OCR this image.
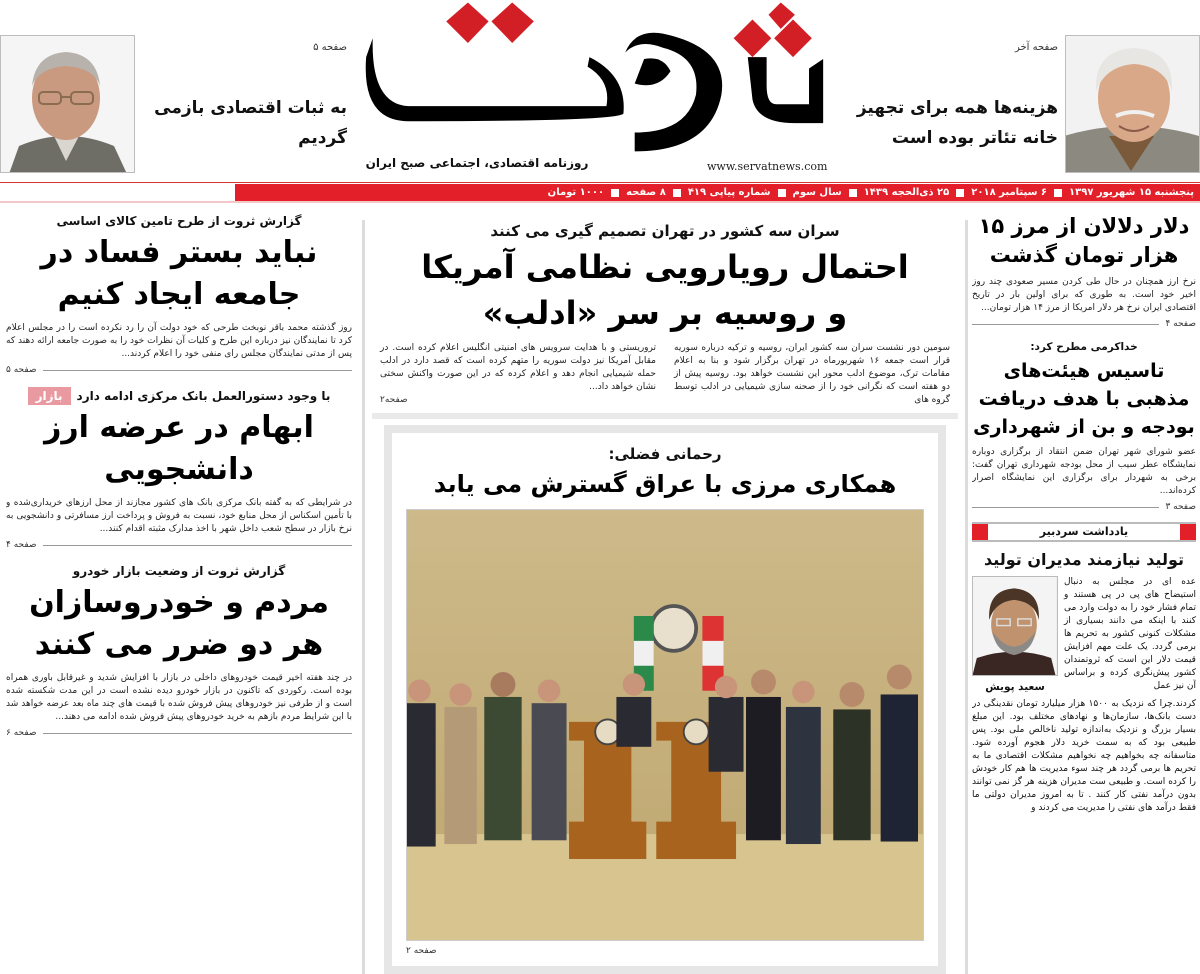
صفحه ۵
به ثبات اقتصادی بازمی گردیم
روزنامه اقتصادی، اجتماعی صبح ایران	www.servatnews.com
صفحه آخر
هزینه‌ها همه برای تجهیز خانه تئاتر بوده است
پنجشنبه ۱۵ شهریور ۱۳۹۷
۶ سپتامبر ۲۰۱۸
۲۵ ذی‌الحجه ۱۴۳۹
سال سوم
شماره پیاپی ۴۱۹
۸ صفحه
۱۰۰۰ تومان
دلار دلالان از مرز ۱۵ هزار تومان گذشت
نرخ ارز همچنان در حال طی کردن مسیر صعودی چند روز اخیر خود است. به طوری که برای اولین بار در تاریخ اقتصادی ایران نرخ هر دلار امریکا از مرز ۱۴ هزار تومان...
صفحه ۴
خداکرمی مطرح کرد:
تاسیس هیئت‌های مذهبی با هدف دریافت بودجه و بن از شهرداری
عضو شورای شهر تهران ضمن انتقاد از برگزاری دوباره نمایشگاه عطر سیب از محل بودجه شهرداری تهران گفت: برخی به شهردار برای برگزاری این نمایشگاه اصرار کرده‌اند...
صفحه ۳
یادداشت سردبیر
تولید نیازمند مدیران تولید
عده ای در مجلس به دنبال استیضاح های پی در پی هستند و تمام فشار خود را به دولت وارد می کنند با اینکه می دانند بسیاری از مشکلات کنونی کشور به تحریم ها برمی گردد. یک علت مهم افزایش قیمت دلار این است که ثروتمندان کشور پیش‌نگری کرده و براساس آن نیز عمل
سعید پویش
کردند.چرا که نزدیک به ۱۵۰۰ هزار میلیارد تومان نقدینگی در دست بانک‌ها، سازمان‌ها و نهادهای مختلف بود. این مبلغ بسیار بزرگ و نزدیک به‌اندازه تولید ناخالص ملی بود. پس طبیعی بود که به سمت خرید دلار هجوم آورده شود. متاسفانه چه بخواهیم چه نخواهیم مشکلات اقتصادی ما به تحریم ها برمی گردد هر چند سوء مدیریت ها هم کار خودش را کرده است. و طبیعی ست مدیران هزینه هر گز نمی توانند بدون درآمد نفتی کار کنند . تا به امروز مدیران دولتی ما فقط درآمد های نفتی را مدیریت می کردند و
سران سه کشور در تهران تصمیم گیری می کنند
احتمال رویارویی نظامی آمریکا
و روسیه بر سر «ادلب»
سومین دور نشست سران سه کشور ایران، روسیه و ترکیه درباره سوریه قرار است جمعه ۱۶ شهریورماه در تهران برگزار شود و بنا به اعلام مقامات ترک، موضوع ادلب محور این نشست خواهد بود. روسیه پیش از دو هفته است که نگرانی خود را از صحنه سازی شیمیایی در ادلب توسط گروه های
تروریستی و با هدایت سرویس های امنیتی انگلیس اعلام کرده است. در مقابل آمریکا نیز دولت سوریه را متهم کرده است که قصد دارد در ادلب حمله شیمیایی انجام دهد و اعلام کرده که در این صورت واکنش سختی نشان خواهد داد...
صفحه۲
رحمانی فضلی:
همکاری مرزی با عراق گسترش می یابد
صفحه ۲
گزارش ثروت از طرح تامین کالای اساسی
نباید بستر فساد در جامعه ایجاد کنیم
روز گذشته محمد باقر نوبخت طرحی که خود دولت آن را رد نکرده است را در مجلس اعلام کرد تا نمایندگان نیز درباره این طرح و کلیات آن نظرات خود را به صورت جامعه ارائه دهند که پس از مدتی نمایندگان مجلس رای منفی خود را اعلام کردند...
صفحه ۵
با وجود دستورالعمل بانک مرکزی ادامه دارد
بازار
ابهام در عرضه ارز دانشجویی
در شرایطی که به گفته بانک مرکزی بانک های کشور مجازند از محل ارزهای خریداری‌شده و با تأمین اسکناس از محل منابع خود، نسبت به فروش و پرداخت ارز مسافرتی و دانشجویی به نرخ بازار در سطح شعب داخل شهر با اخذ مدارک مثبته اقدام کنند...
صفحه ۴
گزارش ثروت از وضعیت بازار خودرو
مردم و خودروسازان هر دو ضرر می کنند
در چند هفته اخیر قیمت خودروهای داخلی در بازار با افزایش شدید و غیرقابل باوری همراه بوده است. رکوردی که تاکنون در بازار خودرو دیده نشده است در این مدت شکسته شده است و از طرفی نیز خودروهای پیش فروش شده با قیمت های چند ماه بعد عرضه خواهد شد با این شرایط مردم بازهم به خرید خودروهای پیش فروش شده ادامه می دهند...
صفحه ۶
